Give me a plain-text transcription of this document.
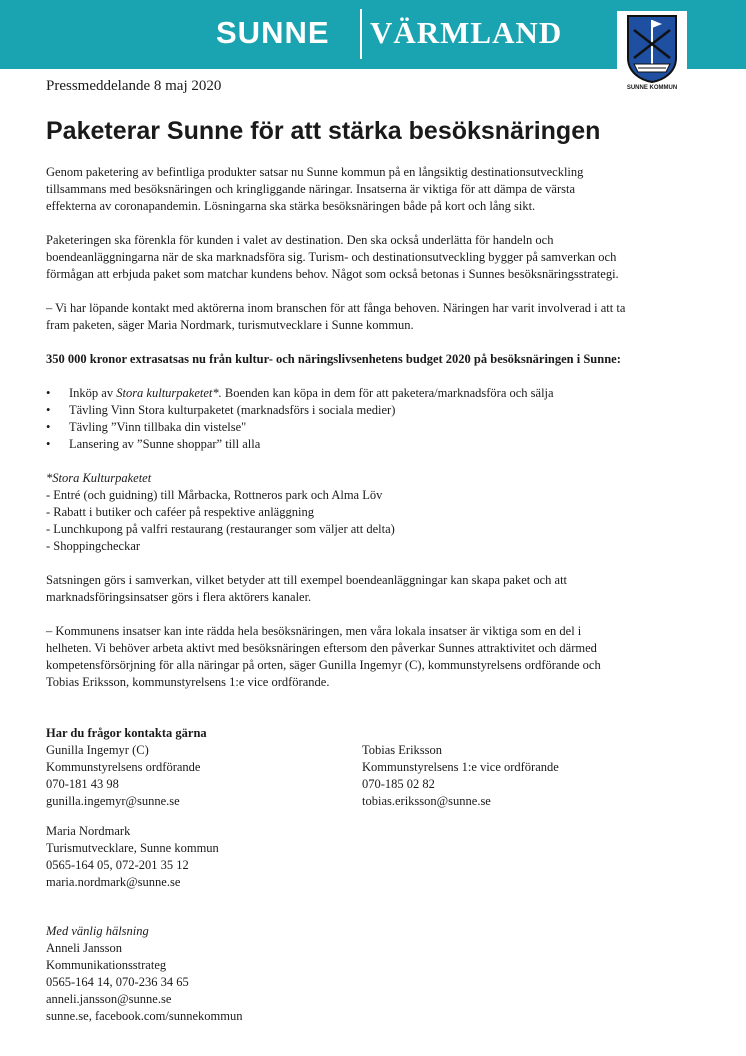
SUNNE VÄRMLAND
SUNNE KOMMUN
Pressmeddelande 8 maj 2020
Paketerar Sunne för att stärka besöksnäringen

Genom paketering av befintliga produkter satsar nu Sunne kommun på en långsiktig destinationsutveckling tillsammans med besöksnäringen och kringliggande näringar. Insatserna är viktiga för att dämpa de värsta effekterna av coronapandemin. Lösningarna ska stärka besöksnäringen både på kort och lång sikt.

Paketeringen ska förenkla för kunden i valet av destination. Den ska också underlätta för handeln och boendeanläggningarna när de ska marknadsföra sig. Turism- och destinationsutveckling bygger på samverkan och förmågan att erbjuda paket som matchar kundens behov. Något som också betonas i Sunnes besöksnäringsstrategi.

– Vi har löpande kontakt med aktörerna inom branschen för att fånga behoven. Näringen har varit involverad i att ta fram paketen, säger Maria Nordmark, turismutvecklare i Sunne kommun.

350 000 kronor extrasatsas nu från kultur- och näringslivsenhetens budget 2020 på besöksnäringen i Sunne:

• Inköp av Stora kulturpaketet*. Boenden kan köpa in dem för att paketera/marknadsföra och sälja
• Tävling Vinn Stora kulturpaketet (marknadsförs i sociala medier)
• Tävling ”Vinn tillbaka din vistelse"
• Lansering av ”Sunne shoppar” till alla

*Stora Kulturpaketet
- Entré (och guidning) till Mårbacka, Rottneros park och Alma Löv
- Rabatt i butiker och caféer på respektive anläggning
- Lunchkupong på valfri restaurang (restauranger som väljer att delta)
- Shoppingcheckar

Satsningen görs i samverkan, vilket betyder att till exempel boendeanläggningar kan skapa paket och att marknadsföringsinsatser görs i flera aktörers kanaler.

– Kommunens insatser kan inte rädda hela besöksnäringen, men våra lokala insatser är viktiga som en del i helheten. Vi behöver arbeta aktivt med besöksnäringen eftersom den påverkar Sunnes attraktivitet och därmed kompetensförsörjning för alla näringar på orten, säger Gunilla Ingemyr (C), kommunstyrelsens ordförande och Tobias Eriksson, kommunstyrelsens 1:e vice ordförande.

Har du frågor kontakta gärna
Gunilla Ingemyr (C)
Kommunstyrelsens ordförande
070-181 43 98
gunilla.ingemyr@sunne.se
Tobias Eriksson
Kommunstyrelsens 1:e vice ordförande
070-185 02 82
tobias.eriksson@sunne.se
Maria Nordmark
Turismutvecklare, Sunne kommun
0565-164 05, 072-201 35 12
maria.nordmark@sunne.se
Med vänlig hälsning
Anneli Jansson
Kommunikationsstrateg
0565-164 14, 070-236 34 65
anneli.jansson@sunne.se
sunne.se, facebook.com/sunnekommun
